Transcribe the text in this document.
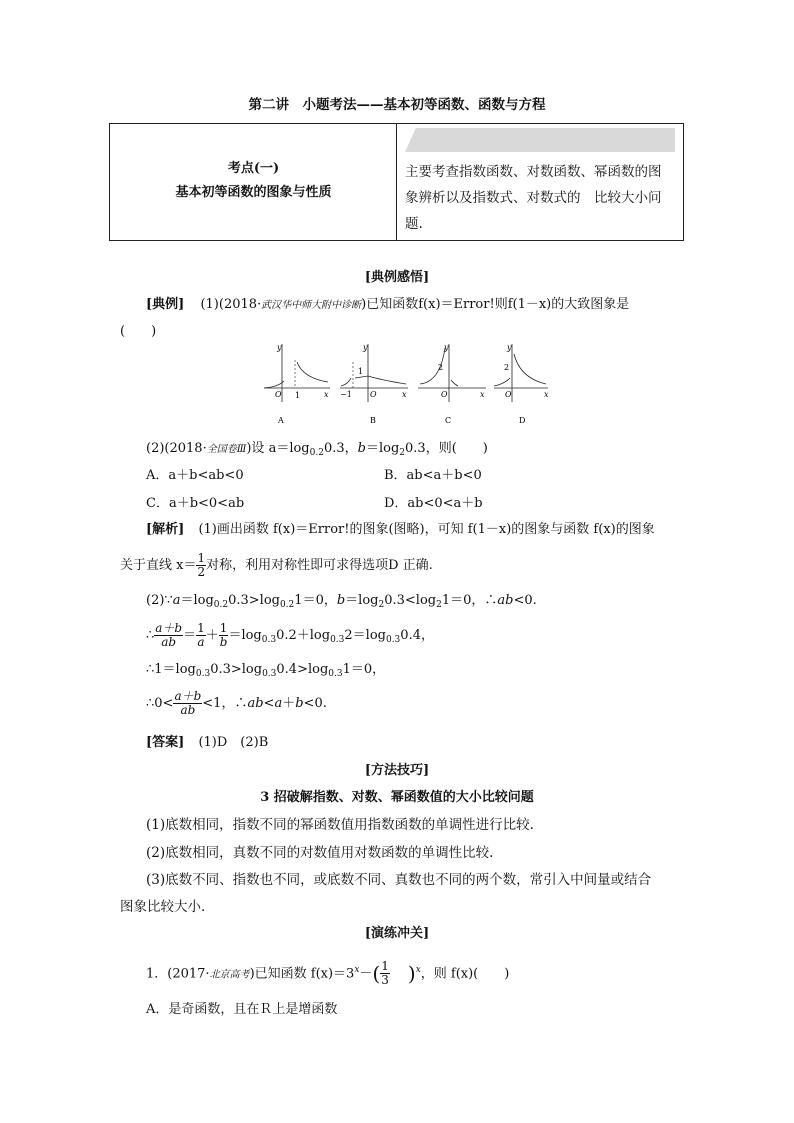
第二讲　小题考法——基本初等函数、函数与方程
考点(一)
基本初等函数的图象与性质
主要考查指数函数、对数函数、幂函数的图
象辨析以及指数式、对数式的　比较大小问
题.
[典例感悟]
[典例] (1)(2018·武汉华中师大附中诊断)已知函数f(x)＝Error!则f(1－x)的大致图象是
(　　)
y
x
O 1
A
y
x
O
−1
1
B
y
x
O
2
C
y
x
O
2
D
(2)(2018·全国卷Ⅲ)设 $a=\log_{0.2}0.3$，$b=\log_20.3$，则(　　)
A．a＋b<ab<0	B．ab<a＋b<0
C．a＋b<0<ab	D．ab<0<a＋b
[解析] (1)画出函数 f(x)＝Error!的图象(图略)，可知 f(1－x)的图象与函数 f(x)的图象
关于直线 $x= \frac{1}{2}$ 对称，利用对称性即可求得选项D 正确.
$(2)\because a=\log_{0.2}0.3>\log_{0.2}1=0$，$b=\log_20.3<\log_21=0$，∴ab<0.
∴ $\frac{a+b}{ab} = \frac{1}{a} + \frac{1}{b} =\log_{0.3}0.2+\log_{0.3}2=\log_{0.3}0.4$，
$\therefore 1=\log_{0.3}0.3>\log_{0.3}0.4>\log_{0.3}1=0$，
∴0< $\frac{a+b}{ab} <1$，∴ab<a＋b<0.
[答案] (1)D　(2)B
[方法技巧]
3 招破解指数、对数、幂函数值的大小比较问题
(1)底数相同，指数不同的幂函数值用指数函数的单调性进行比较.
(2)底数相同，真数不同的对数值用对数函数的单调性比较.
(3)底数不同、指数也不同，或底数不同、真数也不同的两个数，常引入中间量或结合
图象比较大小.
[演练冲关]
1．(2017·北京高考)已知函数 $f(x)=3^x-( \frac{1}{3} )^x$，则 f(x)(　　)
A．是奇函数，且在Ｒ上是增函数
